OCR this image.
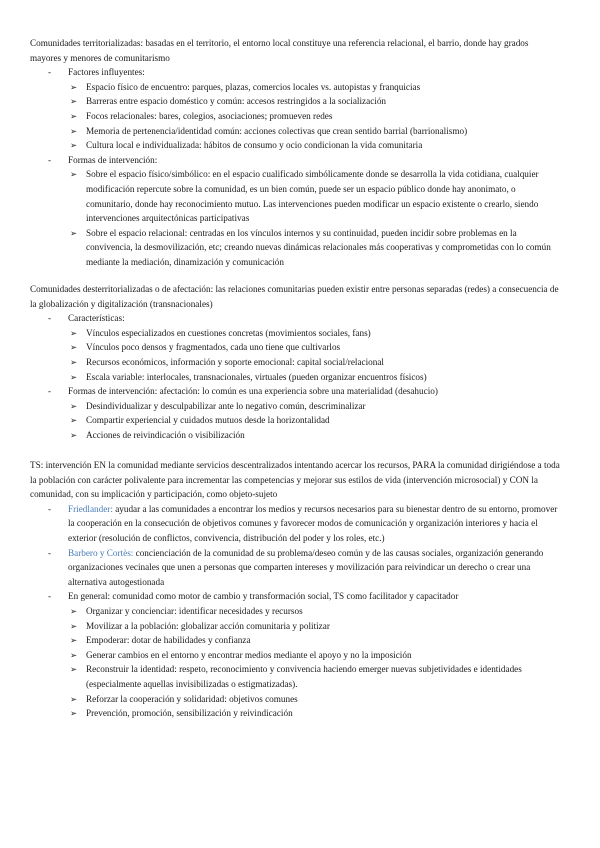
Comunidades territorializadas: basadas en el territorio, el entorno local constituye una referencia relacional, el barrio, donde hay grados mayores y menores de comunitarismo
- Factores influyentes:
➢ Espacio físico de encuentro: parques, plazas, comercios locales vs. autopistas y franquicias
➢ Barreras entre espacio doméstico y común: accesos restringidos a la socialización
➢ Focos relacionales: bares, colegios, asociaciones; promueven redes
➢ Memoria de pertenencia/identidad común: acciones colectivas que crean sentido barrial (barrionalismo)
➢ Cultura local e individualizada: hábitos de consumo y ocio condicionan la vida comunitaria
- Formas de intervención:
➢ Sobre el espacio físico/simbólico: en el espacio cualificado simbólicamente donde se desarrolla la vida cotidiana, cualquier modificación repercute sobre la comunidad, es un bien común, puede ser un espacio público donde hay anonimato, o comunitario, donde hay reconocimiento mutuo. Las intervenciones pueden modificar un espacio existente o crearlo, siendo intervenciones arquitectónicas participativas
➢ Sobre el espacio relacional: centradas en los vínculos internos y su continuidad, pueden incidir sobre problemas en la convivencia, la desmovilización, etc; creando nuevas dinámicas relacionales más cooperativas y comprometidas con lo común mediante la mediación, dinamización y comunicación
Comunidades desterritorializadas o de afectación: las relaciones comunitarias pueden existir entre personas separadas (redes) a consecuencia de la globalización y digitalización (transnacionales)
- Características:
➢ Vínculos especializados en cuestiones concretas (movimientos sociales, fans)
➢ Vínculos poco densos y fragmentados, cada uno tiene que cultivarlos
➢ Recursos económicos, información y soporte emocional: capital social/relacional
➢ Escala variable: interlocales, transnacionales, virtuales (pueden organizar encuentros físicos)
- Formas de intervención: afectación: lo común es una experiencia sobre una materialidad (desahucio)
➢ Desindividualizar y desculpabilizar ante lo negativo común, descriminalizar
➢ Compartir experiencial y cuidados mutuos desde la horizontalidad
➢ Acciones de reivindicación o visibilización
TS: intervención EN la comunidad mediante servicios descentralizados intentando acercar los recursos, PARA la comunidad dirigiéndose a toda la población con carácter polivalente para incrementar las competencias y mejorar sus estilos de vida (intervención microsocial) y CON la comunidad, con su implicación y participación, como objeto-sujeto
- Friedlander: ayudar a las comunidades a encontrar los medios y recursos necesarios para su bienestar dentro de su entorno, promover la cooperación en la consecución de objetivos comunes y favorecer modos de comunicación y organización interiores y hacia el exterior (resolución de conflictos, convivencia, distribución del poder y los roles, etc.)
- Barbero y Cortès: concienciación de la comunidad de su problema/deseo común y de las causas sociales, organización generando organizaciones vecinales que unen a personas que comparten intereses y movilización para reivindicar un derecho o crear una alternativa autogestionada
- En general: comunidad como motor de cambio y transformación social, TS como facilitador y capacitador
➢ Organizar y concienciar: identificar necesidades y recursos
➢ Movilizar a la población: globalizar acción comunitaria y politizar
➢ Empoderar: dotar de habilidades y confianza
➢ Generar cambios en el entorno y encontrar medios mediante el apoyo y no la imposición
➢ Reconstruir la identidad: respeto, reconocimiento y convivencia haciendo emerger nuevas subjetividades e identidades (especialmente aquellas invisibilizadas o estigmatizadas).
➢ Reforzar la cooperación y solidaridad: objetivos comunes
➢ Prevención, promoción, sensibilización y reivindicación
